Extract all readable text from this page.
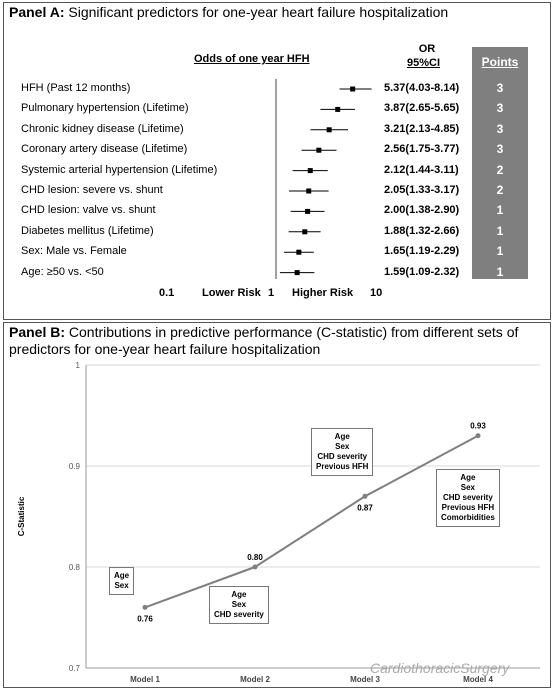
Panel A: Significant predictors for one-year heart failure hospitalization
Odds of one year HFH
OR
95%CI	Points
HFH (Past 12 months)	5.37(4.03-8.14)	3
Pulmonary hypertension (Lifetime)	3.87(2.65-5.65)	3
Chronic kidney disease (Lifetime)	3.21(2.13-4.85)	3
Coronary artery disease (Lifetime)	2.56(1.75-3.77)	3
Systemic arterial hypertension (Lifetime)	2.12(1.44-3.11)	2
CHD lesion: severe vs. shunt	2.05(1.33-3.17)	2
CHD lesion: valve vs. shunt	2.00(1.38-2.90)	1
Diabetes mellitus (Lifetime)	1.88(1.32-2.66)	1
Sex: Male vs. Female	1.65(1.19-2.29)	1
Age: ≥50 vs. <50	1.59(1.09-2.32)	1
0.1	Lower Risk 1 Higher Risk 10
Panel B: Contributions in predictive performance (C-statistic) from different sets of predictors for one-year heart failure hospitalization
0.7
0.8
0.9
1
C-Statistic
Model 1	Model 2	Model 3	Model 4
0.76
0.80
0.87
0.93
Age
Sex
Age
Sex
CHD severity
Age
Sex
CHD severity
Previous HFH
Age
Sex
CHD severity
Previous HFH
Comorbidities
CardiothoracicSurgery
